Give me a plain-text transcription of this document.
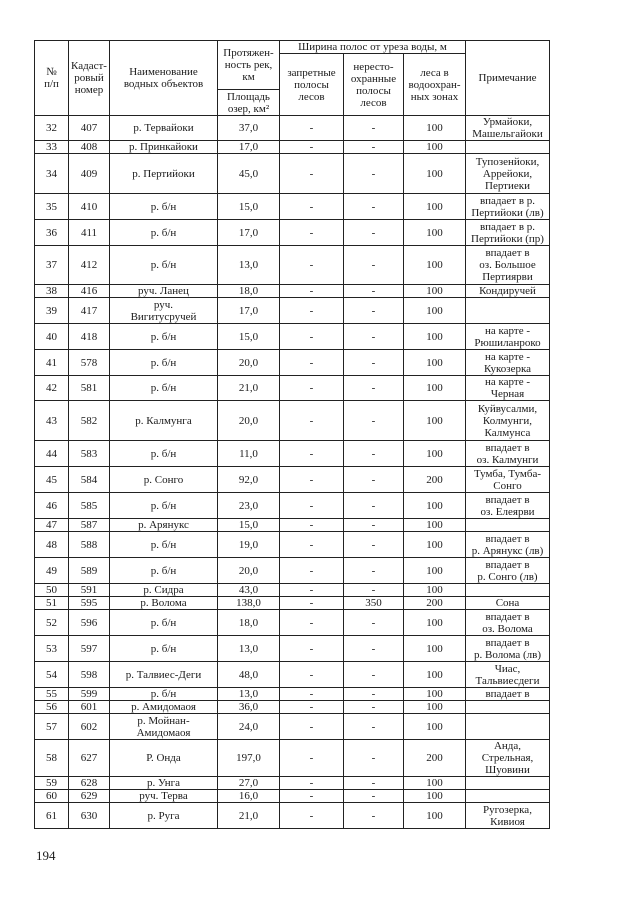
№
п/п	Кадаст-
ровый
номер	Наименование
водных объектов	Протяжен-
ность рек,
км	Ширина полос от уреза воды, м			Примечание
				запретные
полосы
лесов	нересто-
охранные
полосы
лесов	леса в
водоохран-
ных зонах	
			Площадь
озер, км²				
32	407	р. Тервайоки	37,0	-	-	100	Урмайоки,
Машельгайоки
33	408	р. Принкайоки	17,0	-	-	100	
34	409	р. Пертийоки	45,0	-	-	100	Тупозенйоки,
Аррейоки,
Пертиеки
35	410	р. б/н	15,0	-	-	100	впадает в р.
Пертийоки (лв)
36	411	р. б/н	17,0	-	-	100	впадает в р.
Пертийоки (пр)
37	412	р. б/н	13,0	-	-	100	впадает в
оз. Большое
Пертиярви
38	416	руч. Ланец	18,0	-	-	100	Кондиручей
39	417	руч.
Вигитусручей	17,0	-	-	100	
40	418	р. б/н	15,0	-	-	100	на карте -
Рюшиланроко
41	578	р. б/н	20,0	-	-	100	на карте -
Кукозерка
42	581	р. б/н	21,0	-	-	100	на карте - Черная
43	582	р. Калмунга	20,0	-	-	100	Куйвусалми,
Колмунги,
Калмунса
44	583	р. б/н	11,0	-	-	100	впадает в
оз. Калмунги
45	584	р. Сонго	92,0	-	-	200	Тумба, Тумба-
Сонго
46	585	р. б/н	23,0	-	-	100	впадает в
оз. Елеярви
47	587	р. Арянукс	15,0	-	-	100	
48	588	р. б/н	19,0	-	-	100	впадает в
р. Арянукс (лв)
49	589	р. б/н	20,0	-	-	100	впадает в
р. Сонго (лв)
50	591	р. Сидра	43,0	-	-	100	
51	595	р. Волома	138,0	-	350	200	Сона
52	596	р. б/н	18,0	-	-	100	впадает в
оз. Волома
53	597	р. б/н	13,0	-	-	100	впадает в
р. Волома (лв)
54	598	р. Талвиес-Деги	48,0	-	-	100	Чиас,
Тальвиесдеги
55	599	р. б/н	13,0	-	-	100	впадает в
56	601	р. Амидомаоя	36,0	-	-	100	
57	602	р. Мойнан-
Амидомаоя	24,0	-	-	100	
58	627	Р. Онда	197,0	-	-	200	Анда, Стрельная,
Шуовини
59	628	р. Унга	27,0	-	-	100	
60	629	руч. Терва	16,0	-	-	100	
61	630	р. Руга	21,0	-	-	100	Ругозерка,
Кивиоя
194
